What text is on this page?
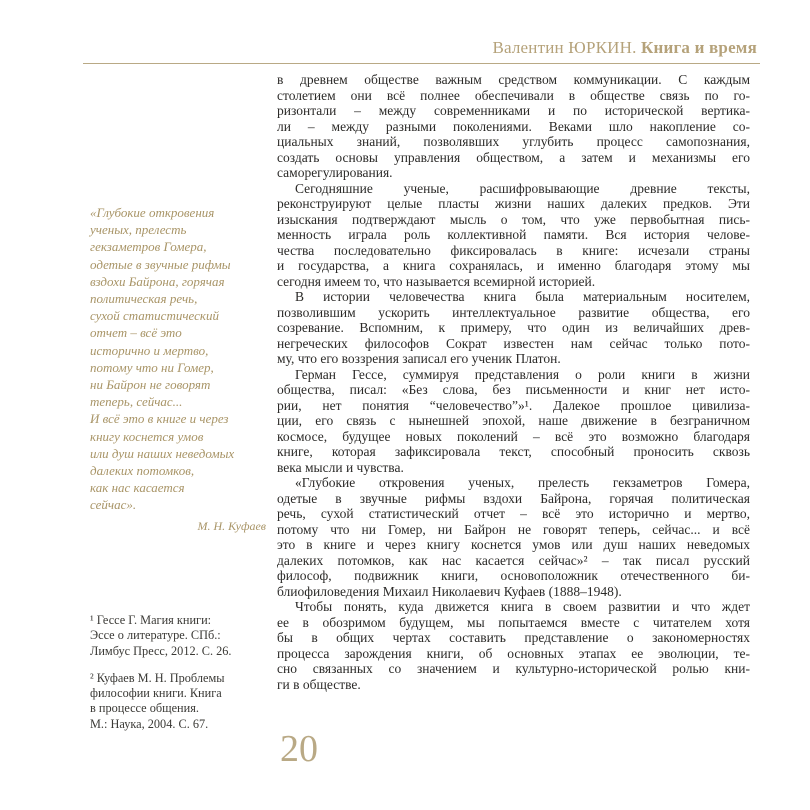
Валентин ЮРКИН. Книга и время
в древнем обществе важным средством коммуникации. С каждым
столетием они всё полнее обеспечивали в обществе связь по го-
ризонтали – между современниками и по исторической вертика-
ли – между разными поколениями. Веками шло накопление со-
циальных знаний, позволявших углубить процесс самопознания,
создать основы управления обществом, а затем и механизмы его
саморегулирования.
Сегодняшние ученые, расшифровывающие древние тексты,
реконструируют целые пласты жизни наших далеких предков. Эти
изыскания подтверждают мысль о том, что уже первобытная пись-
менность играла роль коллективной памяти. Вся история челове-
чества последовательно фиксировалась в книге: исчезали страны
и государства, а книга сохранялась, и именно благодаря этому мы
сегодня имеем то, что называется всемирной историей.
В истории человечества книга была материальным носителем,
позволившим ускорить интеллектуальное развитие общества, его
созревание. Вспомним, к примеру, что один из величайших древ-
негреческих философов Сократ известен нам сейчас только пото-
му, что его воззрения записал его ученик Платон.
Герман Гессе, суммируя представления о роли книги в жизни
общества, писал: «Без слова, без письменности и книг нет исто-
рии, нет понятия “человечество”»¹. Далекое прошлое цивилиза-
ции, его связь с нынешней эпохой, наше движение в безграничном
космосе, будущее новых поколений – всё это возможно благодаря
книге, которая зафиксировала текст, способный проносить сквозь
века мысли и чувства.
«Глубокие откровения ученых, прелесть гекзаметров Гомера,
одетые в звучные рифмы вздохи Байрона, горячая политическая
речь, сухой статистический отчет – всё это исторично и мертво,
потому что ни Гомер, ни Байрон не говорят теперь, сейчас... и всё
это в книге и через книгу коснется умов или душ наших неведомых
далеких потомков, как нас касается сейчас»² – так писал русский
философ, подвижник книги, основоположник отечественного би-
блиофиловедения Михаил Николаевич Куфаев (1888–1948).
Чтобы понять, куда движется книга в своем развитии и что ждет
ее в обозримом будущем, мы попытаемся вместе с читателем хотя
бы в общих чертах составить представление о закономерностях
процесса зарождения книги, об основных этапах ее эволюции, те-
сно связанных со значением и культурно-исторической ролью кни-
ги в обществе.
«Глубокие откровения
ученых, прелесть
гекзаметров Гомера,
одетые в звучные рифмы
вздохи Байрона, горячая
политическая речь,
сухой статистический
отчет – всё это
исторично и мертво,
потому что ни Гомер,
ни Байрон не говорят
теперь, сейчас...
И всё это в книге и через
книгу коснется умов
или душ наших неведомых
далеких потомков,
как нас касается
сейчас».
М. Н. Куфаев
¹ Гессе Г. Магия книги:
Эссе о литературе. СПб.:
Лимбус Пресс, 2012. С. 26.
² Куфаев М. Н. Проблемы
философии книги. Книга
в процессе общения.
М.: Наука, 2004. С. 67.
20
